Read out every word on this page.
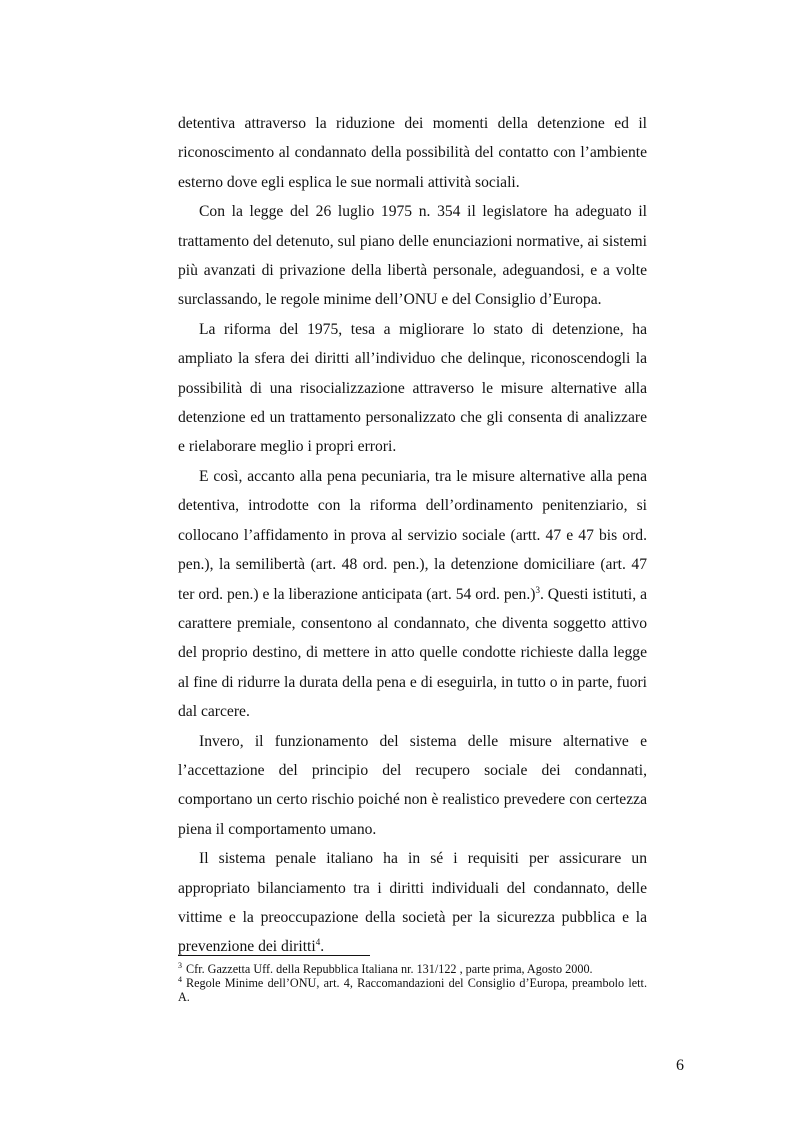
detentiva attraverso la riduzione dei momenti della detenzione ed il riconoscimento al condannato della possibilità del contatto con l’ambiente esterno dove egli esplica le sue normali attività sociali.

Con la legge del 26 luglio 1975 n. 354 il legislatore ha adeguato il trattamento del detenuto, sul piano delle enunciazioni normative, ai sistemi più avanzati di privazione della libertà personale, adeguandosi, e a volte surclassando, le regole minime dell’ONU e del Consiglio d’Europa.

La riforma del 1975, tesa a migliorare lo stato di detenzione, ha ampliato la sfera dei diritti all’individuo che delinque, riconoscendogli la possibilità di una risocializzazione attraverso le misure alternative alla detenzione ed un trattamento personalizzato che gli consenta di analizzare e rielaborare meglio i propri errori.

E così, accanto alla pena pecuniaria, tra le misure alternative alla pena detentiva, introdotte con la riforma dell’ordinamento penitenziario, si collocano l’affidamento in prova al servizio sociale (artt. 47 e 47 bis ord. pen.), la semilibertà (art. 48 ord. pen.), la detenzione domiciliare (art. 47 ter ord. pen.) e la liberazione anticipata (art. 54 ord. pen.)$^3$. Questi istituti, a carattere premiale, consentono al condannato, che diventa soggetto attivo del proprio destino, di mettere in atto quelle condotte richieste dalla legge al fine di ridurre la durata della pena e di eseguirla, in tutto o in parte, fuori dal carcere.

Invero, il funzionamento del sistema delle misure alternative e l’accettazione del principio del recupero sociale dei condannati, comportano un certo rischio poiché non è realistico prevedere con certezza piena il comportamento umano.

Il sistema penale italiano ha in sé i requisiti per assicurare un appropriato bilanciamento tra i diritti individuali del condannato, delle vittime e la preoccupazione della società per la sicurezza pubblica e la prevenzione dei diritti$^4$.

$^3$ Cfr. Gazzetta Uff. della Repubblica Italiana nr. 131/122 , parte prima, Agosto 2000.

$^4$ Regole Minime dell’ONU, art. 4, Raccomandazioni del Consiglio d’Europa, preambolo lett. A.

6
